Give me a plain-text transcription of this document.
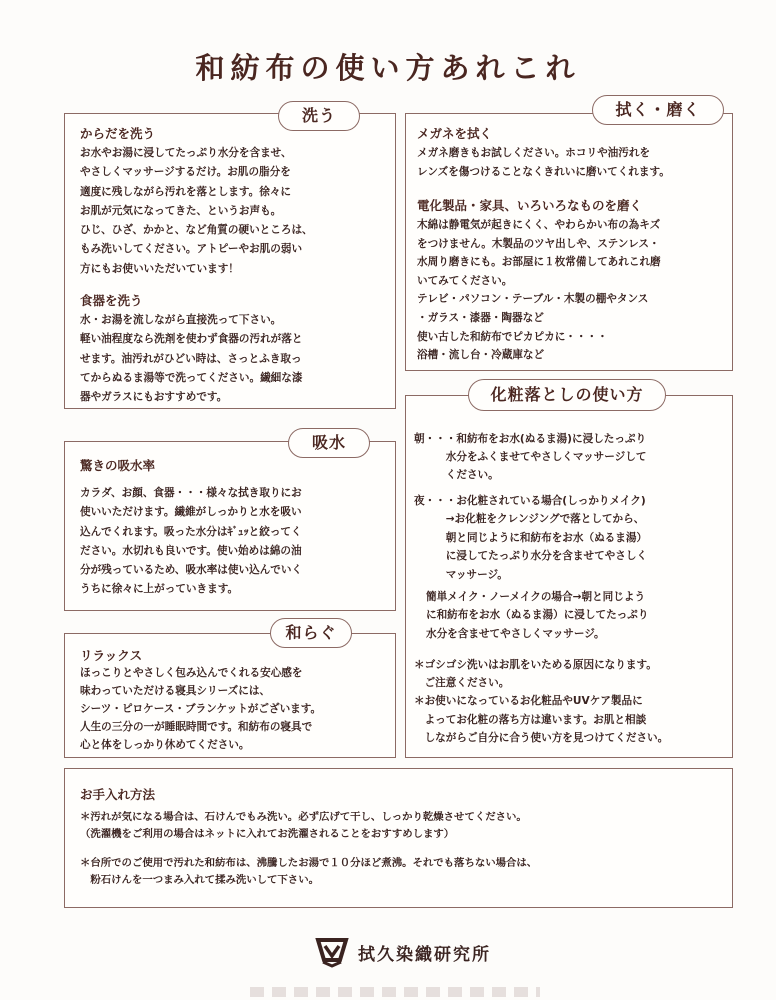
和紡布の使い方あれこれ
からだを洗う
お水やお湯に浸してたっぷり水分を含ませ、
やさしくマッサージするだけ。お肌の脂分を
適度に残しながら汚れを落とします。徐々に
お肌が元気になってきた、というお声も。
ひじ、ひざ、かかと、など角質の硬いところは、
もみ洗いしてください。アトピーやお肌の弱い
方にもお使いいただいています！
食器を洗う
水・お湯を流しながら直接洗って下さい。
軽い油程度なら洗剤を使わず食器の汚れが落と
せます。油汚れがひどい時は、さっとふき取っ
てからぬるま湯等で洗ってください。繊細な漆
器やガラスにもおすすめです。
洗う
メガネを拭く
メガネ磨きもお試しください。ホコリや油汚れを
レンズを傷つけることなくきれいに磨いてくれます。
電化製品・家具、いろいろなものを磨く
木綿は静電気が起きにくく、やわらかい布の為キズ
をつけません。木製品のツヤ出しや、ステンレス・
水周り磨きにも。お部屋に１枚常備してあれこれ磨
いてみてください。
テレビ・パソコン・テーブル・木製の棚やタンス
・ガラス・漆器・陶器など
使い古した和紡布でピカピカに・・・・
浴槽・流し台・冷蔵庫など
拭く・磨く
驚きの吸水率
カラダ、お顔、食器・・・様々な拭き取りにお
使いいただけます。繊維がしっかりと水を吸い
込んでくれます。吸った水分はｷﾞｭｯと絞ってく
ださい。水切れも良いです。使い始めは綿の油
分が残っているため、吸水率は使い込んでいく
うちに徐々に上がっていきます。
吸水
リラックス
ほっこりとやさしく包み込んでくれる安心感を
味わっていただける寝具シリーズには、
シーツ・ピロケース・ブランケットがございます。
人生の三分の一が睡眠時間です。和紡布の寝具で
心と体をしっかり休めてください。
和らぐ
朝・・・和紡布をお水(ぬるま湯)に浸したっぷり
　　　水分をふくませてやさしくマッサージして
　　　ください。
夜・・・お化粧されている場合(しっかりメイク)
　　　→お化粧をクレンジングで落としてから、
　　　朝と同じように和紡布をお水（ぬるま湯）
　　　に浸してたっぷり水分を含ませてやさしく
　　　マッサージ。
簡単メイク・ノーメイクの場合→朝と同じよう
に和紡布をお水（ぬるま湯）に浸してたっぷり
水分を含ませてやさしくマッサージ。
＊ゴシゴシ洗いはお肌をいためる原因になります。
　ご注意ください。
＊お使いになっているお化粧品やUVケア製品に
　よってお化粧の落ち方は違います。お肌と相談
　しながらご自分に合う使い方を見つけてください。
化粧落としの使い方
お手入れ方法
＊汚れが気になる場合は、石けんでもみ洗い。必ず広げて干し、しっかり乾燥させてください。
（洗濯機をご利用の場合はネットに入れてお洗濯されることをおすすめします）
＊台所でのご使用で汚れた和紡布は、沸騰したお湯で１０分ほど煮沸。それでも落ちない場合は、
　粉石けんを一つまみ入れて揉み洗いして下さい。
拭久染織研究所
